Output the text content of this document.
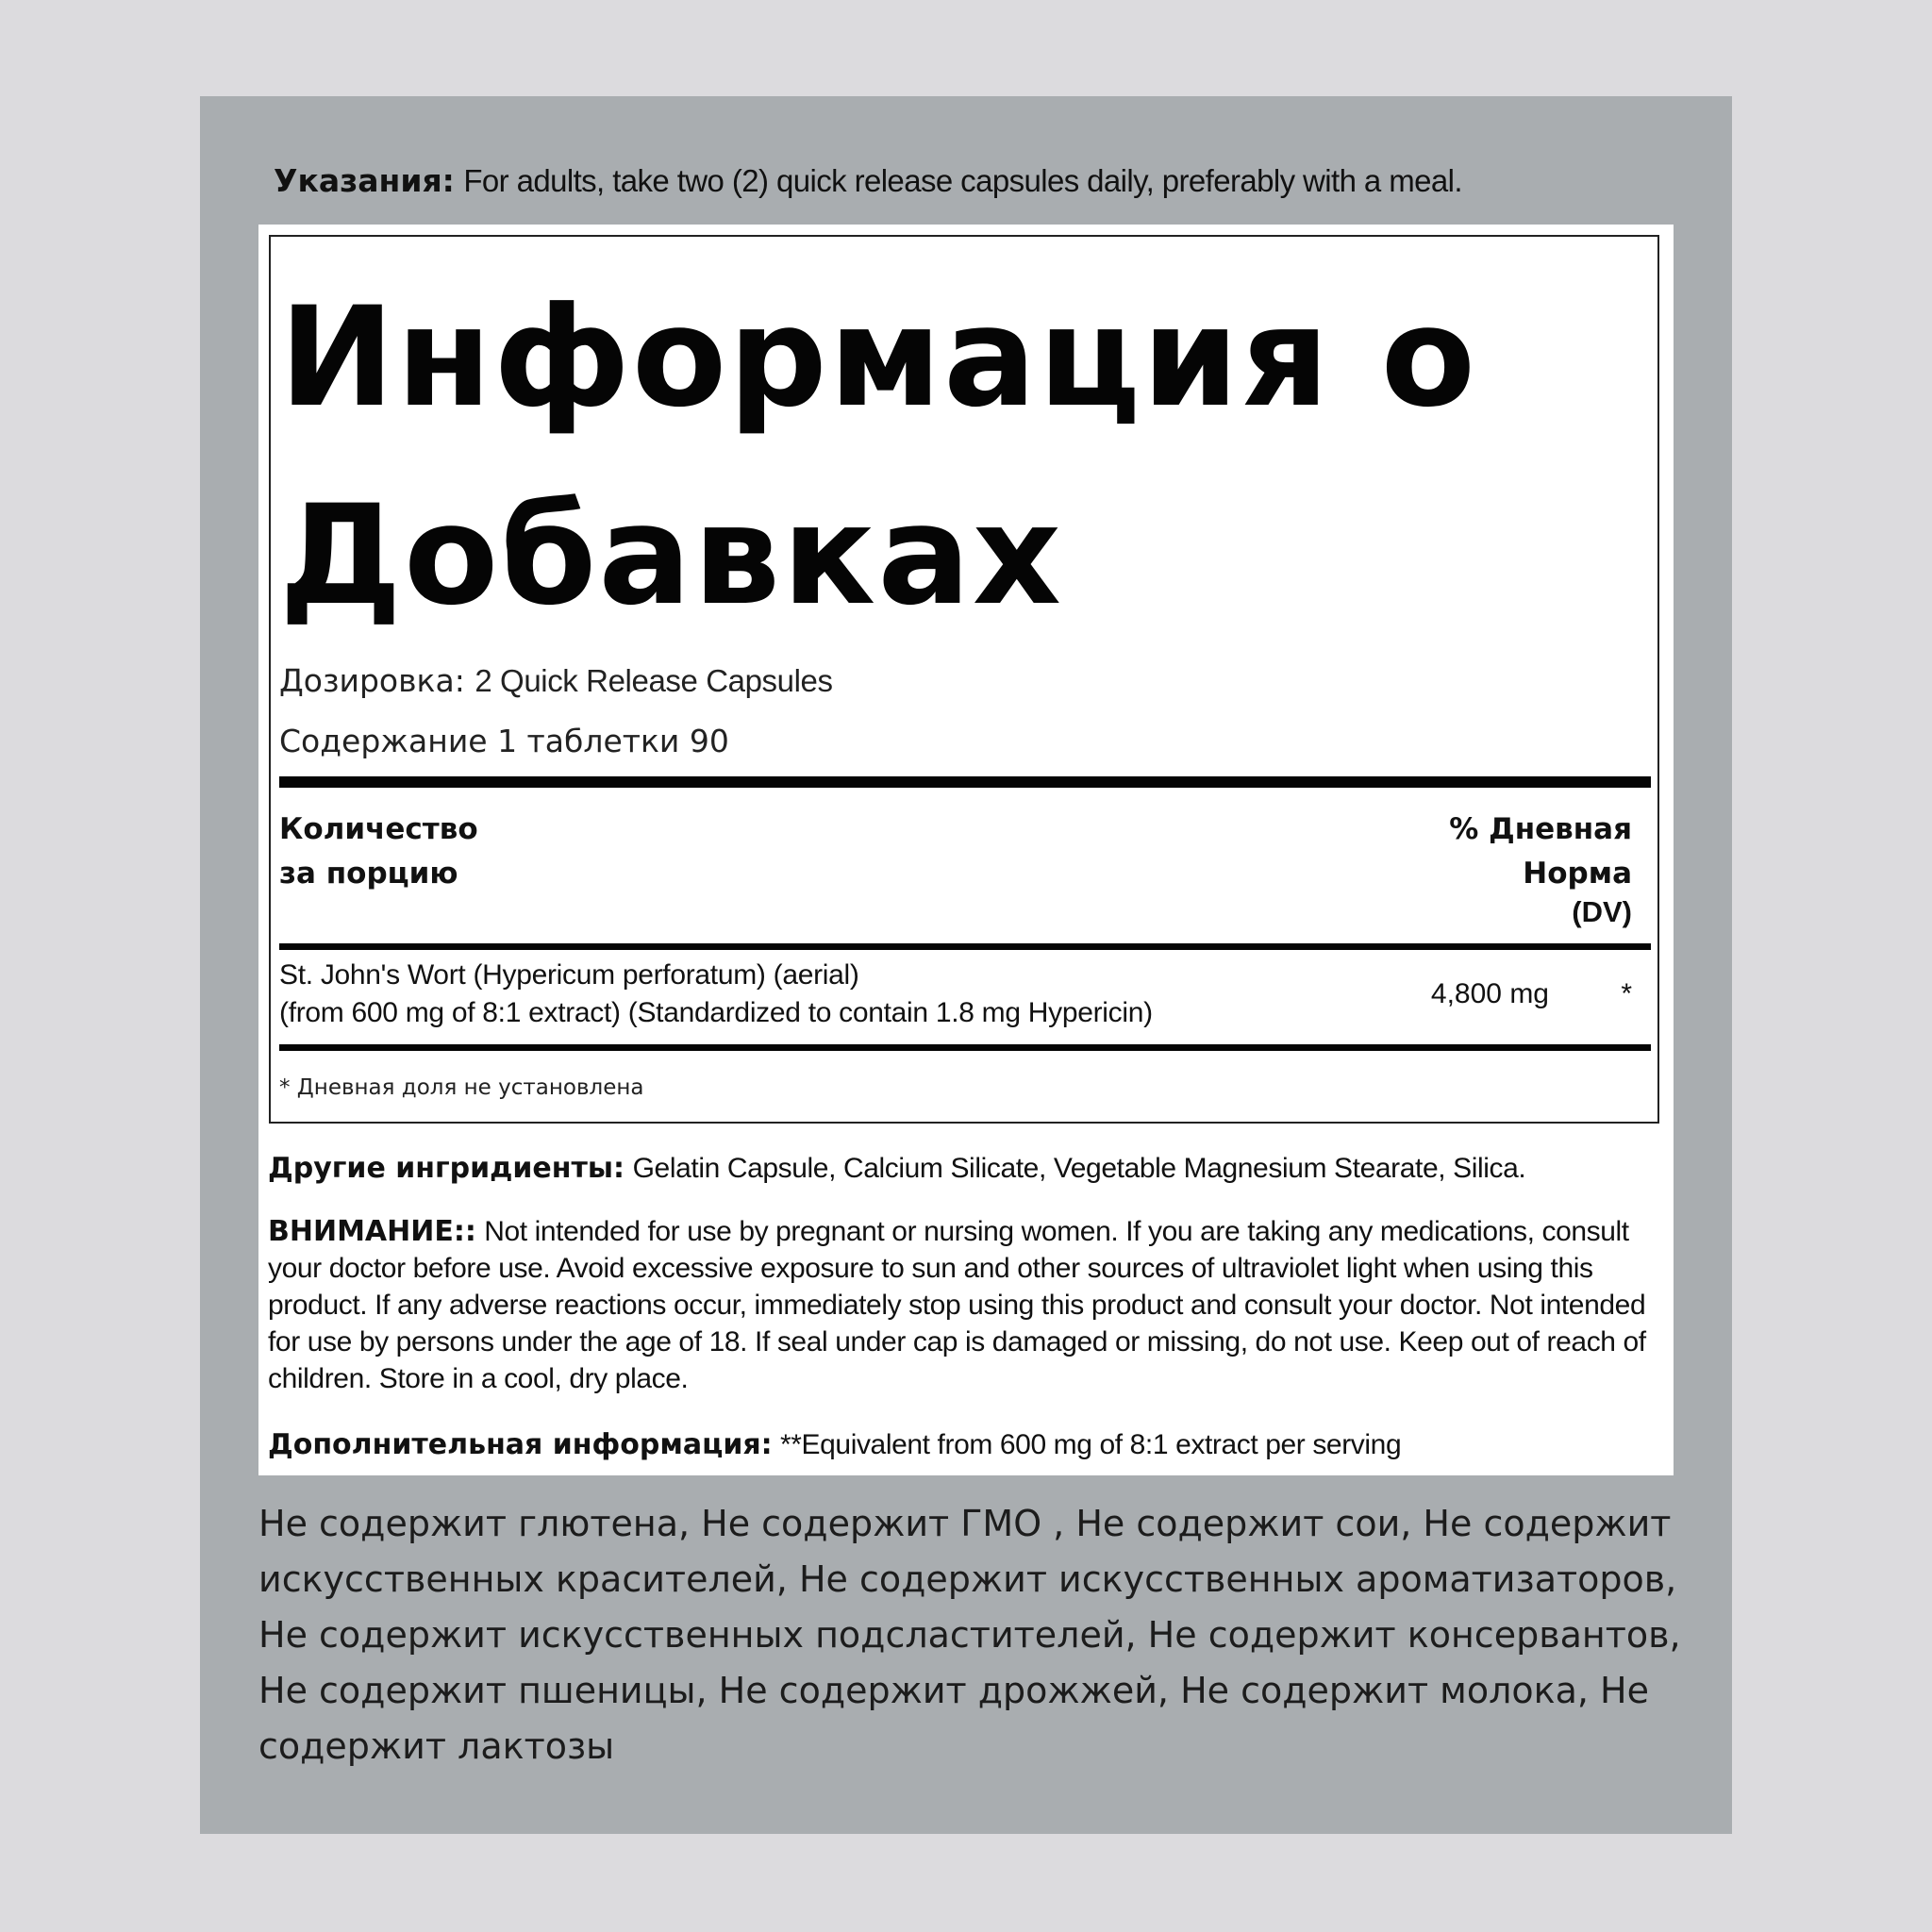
Указания: For adults, take two (2) quick release capsules daily, preferably with a meal.
Информация о Добавках
Дозировка: 2 Quick Release Capsules
Содержание 1 таблетки 90
Количество
за порцию
% Дневная
Норма
(DV)
St. John's Wort (Hypericum perforatum) (aerial)
(from 600 mg of 8:1 extract) (Standardized to contain 1.8 mg Hypericin)
4,800 mg	*
* Дневная доля не установлена
Другие ингридиенты: Gelatin Capsule, Calcium Silicate, Vegetable Magnesium Stearate, Silica.
ВНИМАНИЕ:: Not intended for use by pregnant or nursing women. If you are taking any medications, consult your doctor before use. Avoid excessive exposure to sun and other sources of ultraviolet light when using this product. If any adverse reactions occur, immediately stop using this product and consult your doctor. Not intended for use by persons under the age of 18. If seal under cap is damaged or missing, do not use. Keep out of reach of children. Store in a cool, dry place.
Дополнительная информация: **Equivalent from 600 mg of 8:1 extract per serving
Не содержит глютена, Не содержит ГМО , Не содержит сои, Не содержит искусственных красителей, Не содержит искусственных ароматизаторов, Не содержит искусственных подсластителей, Не содержит консервантов, Не содержит пшеницы, Не содержит дрожжей, Не содержит молока, Не содержит лактозы
